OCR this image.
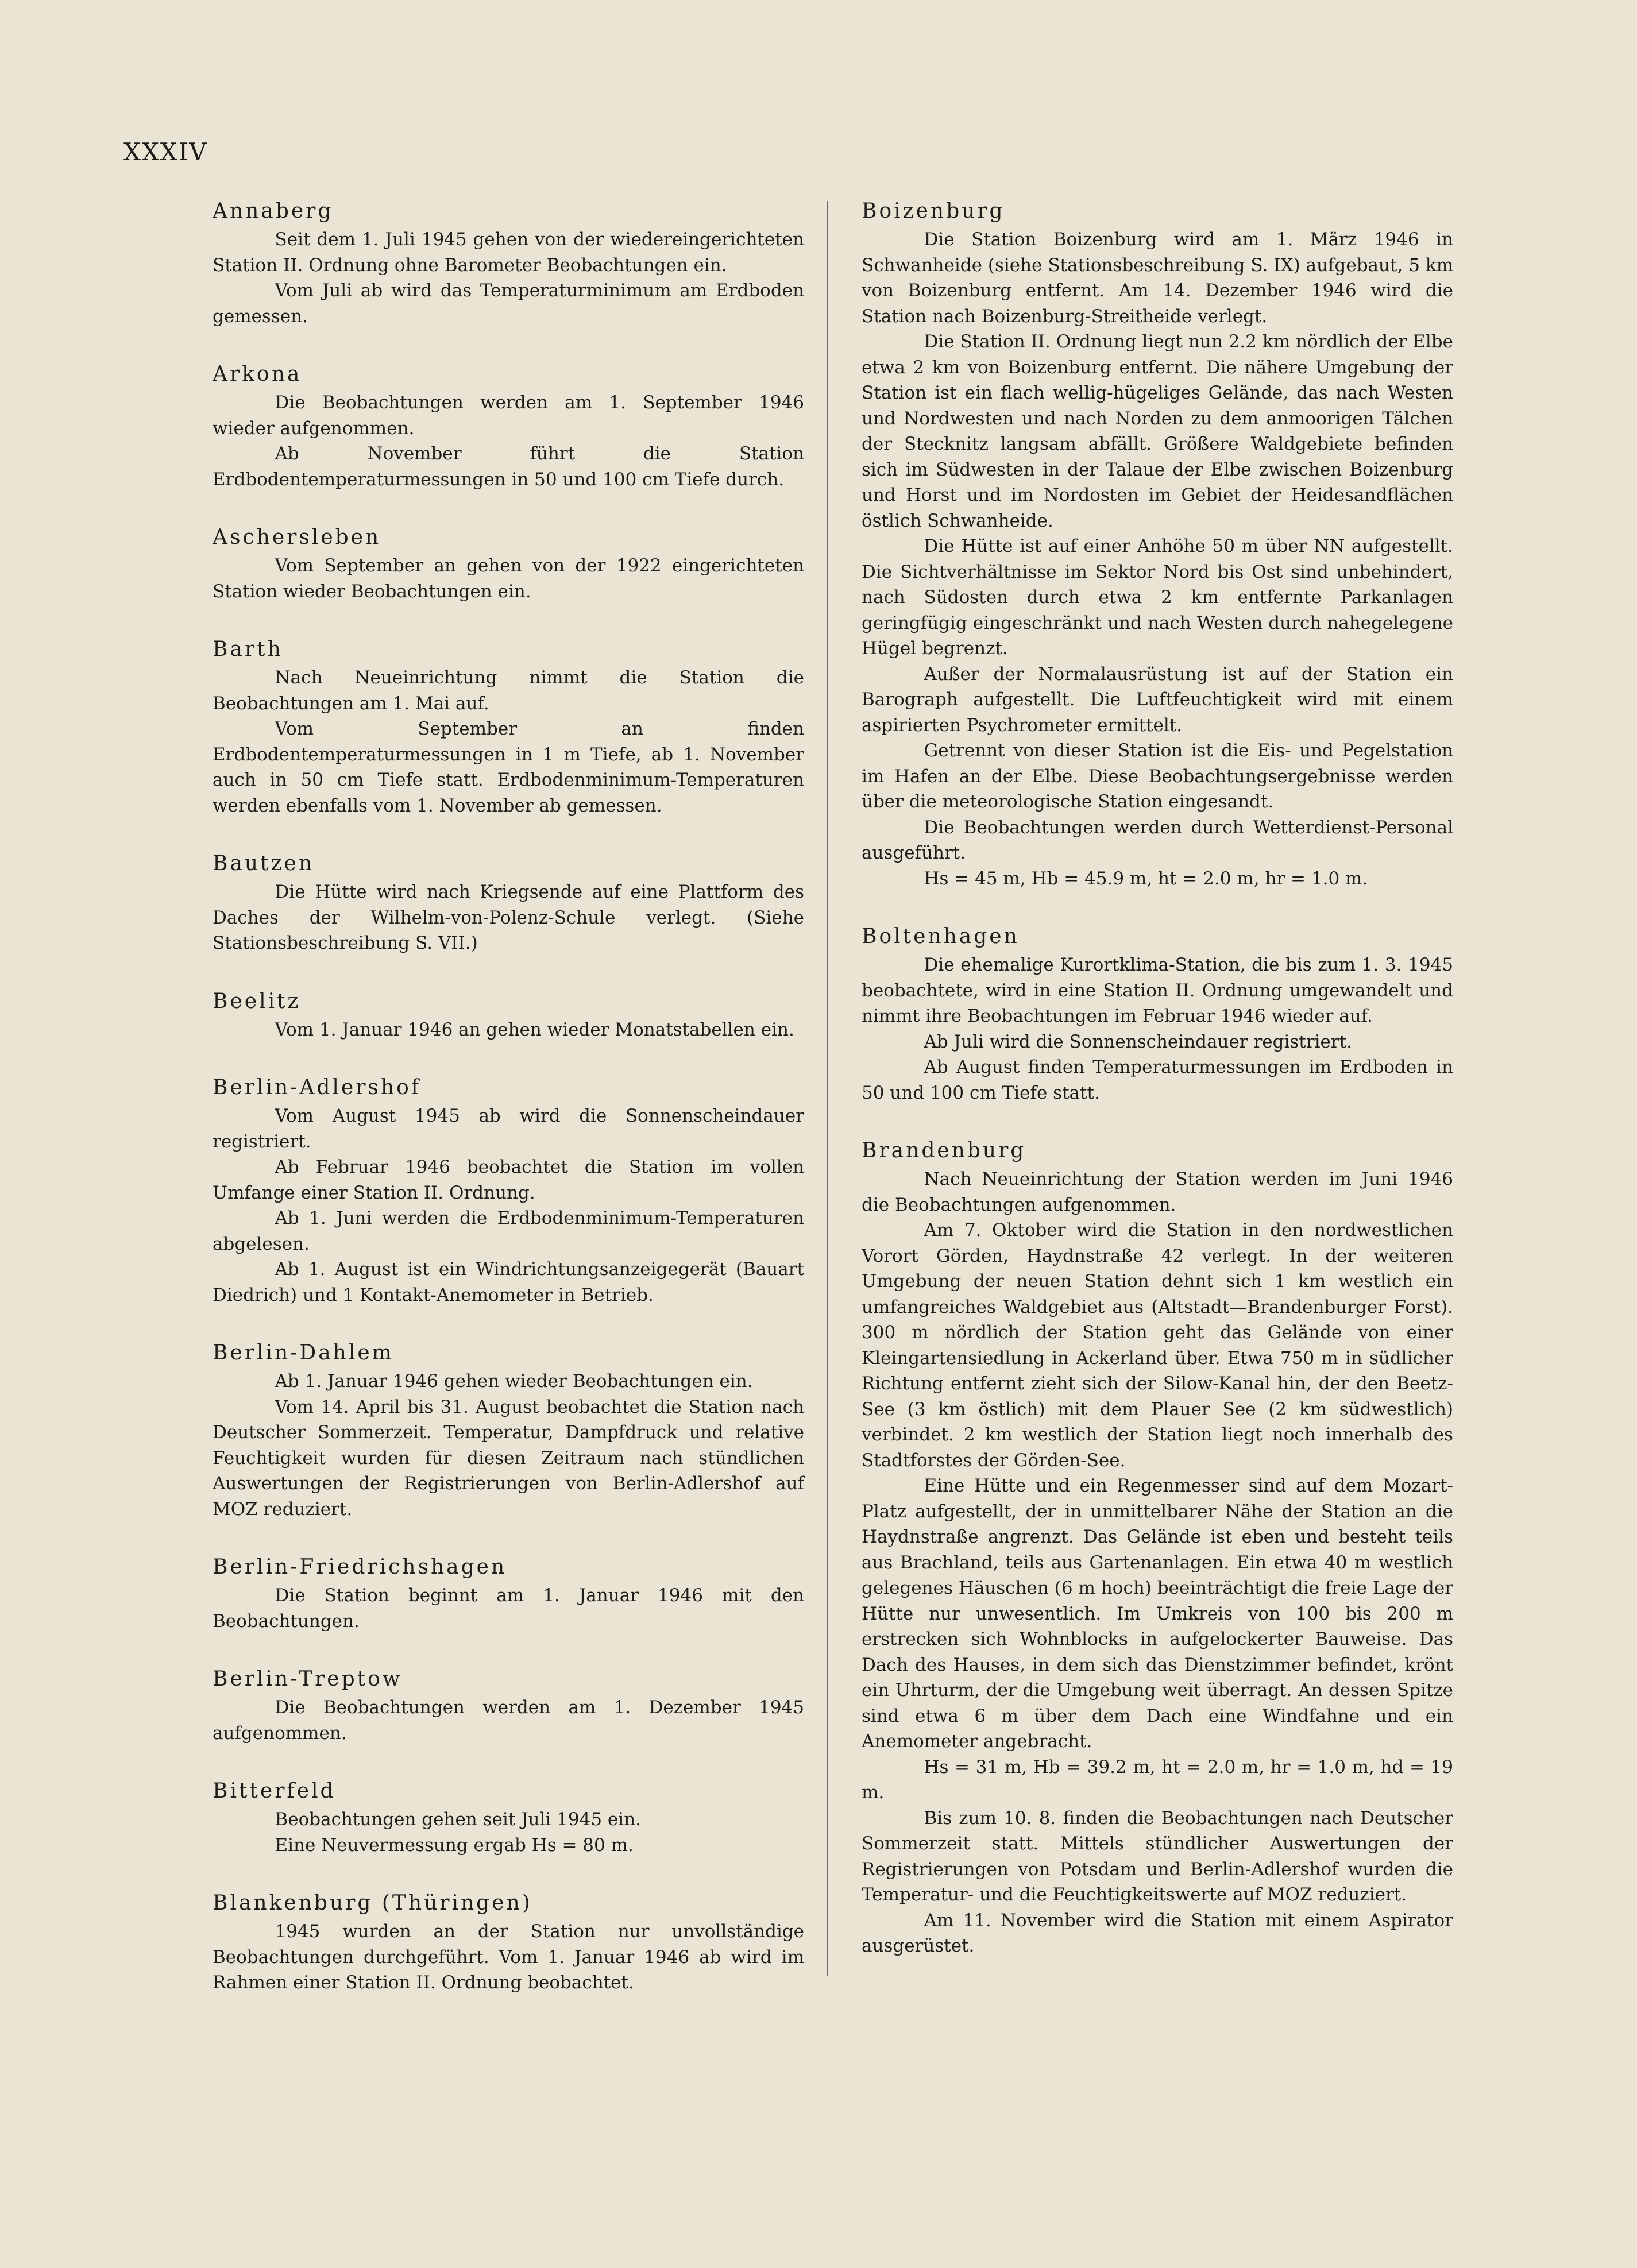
XXXIV
Annaberg

Seit dem 1. Juli 1945 gehen von der wiedereingerichteten Station II. Ordnung ohne Barometer Beobachtungen ein.

Vom Juli ab wird das Temperaturminimum am Erdboden gemessen.

Arkona

Die Beobachtungen werden am 1. September 1946 wieder aufgenommen.

Ab November führt die Station Erdbodentemperaturmessungen in 50 und 100 cm Tiefe durch.

Aschersleben

Vom September an gehen von der 1922 eingerichteten Station wieder Beobachtungen ein.

Barth

Nach Neueinrichtung nimmt die Station die Beobachtungen am 1. Mai auf.

Vom September an finden Erdbodentemperaturmessungen in 1 m Tiefe, ab 1. November auch in 50 cm Tiefe statt. Erdbodenminimum-Temperaturen werden ebenfalls vom 1. November ab gemessen.

Bautzen

Die Hütte wird nach Kriegsende auf eine Plattform des Daches der Wilhelm-von-Polenz-Schule verlegt. (Siehe Stationsbeschreibung S. VII.)

Beelitz

Vom 1. Januar 1946 an gehen wieder Monatstabellen ein.

Berlin-Adlershof

Vom August 1945 ab wird die Sonnenscheindauer registriert.

Ab Februar 1946 beobachtet die Station im vollen Umfange einer Station II. Ordnung.

Ab 1. Juni werden die Erdbodenminimum-Temperaturen abgelesen.

Ab 1. August ist ein Windrichtungsanzeigegerät (Bauart Diedrich) und 1 Kontakt-Anemometer in Betrieb.

Berlin-Dahlem

Ab 1. Januar 1946 gehen wieder Beobachtungen ein.

Vom 14. April bis 31. August beobachtet die Station nach Deutscher Sommerzeit. Temperatur, Dampfdruck und relative Feuchtigkeit wurden für diesen Zeitraum nach stündlichen Auswertungen der Registrierungen von Berlin-Adlershof auf MOZ reduziert.

Berlin-Friedrichshagen

Die Station beginnt am 1. Januar 1946 mit den Beobachtungen.

Berlin-Treptow

Die Beobachtungen werden am 1. Dezember 1945 aufgenommen.

Bitterfeld

Beobachtungen gehen seit Juli 1945 ein.

Eine Neuvermessung ergab Hs = 80 m.

Blankenburg (Thüringen)

1945 wurden an der Station nur unvollständige Beobachtungen durchgeführt. Vom 1. Januar 1946 ab wird im Rahmen einer Station II. Ordnung beobachtet.

Boizenburg

Die Station Boizenburg wird am 1. März 1946 in Schwanheide (siehe Stationsbeschreibung S. IX) aufgebaut, 5 km von Boizenburg entfernt. Am 14. Dezember 1946 wird die Station nach Boizenburg-Streitheide verlegt.

Die Station II. Ordnung liegt nun 2.2 km nördlich der Elbe etwa 2 km von Boizenburg entfernt. Die nähere Umgebung der Station ist ein flach wellig-hügeliges Gelände, das nach Westen und Nordwesten und nach Norden zu dem anmoorigen Tälchen der Stecknitz langsam abfällt. Größere Waldgebiete befinden sich im Südwesten in der Talaue der Elbe zwischen Boizenburg und Horst und im Nordosten im Gebiet der Heidesandflächen östlich Schwanheide.

Die Hütte ist auf einer Anhöhe 50 m über NN aufgestellt. Die Sichtverhältnisse im Sektor Nord bis Ost sind unbehindert, nach Südosten durch etwa 2 km entfernte Parkanlagen geringfügig eingeschränkt und nach Westen durch nahegelegene Hügel begrenzt.

Außer der Normalausrüstung ist auf der Station ein Barograph aufgestellt. Die Luftfeuchtigkeit wird mit einem aspirierten Psychrometer ermittelt.

Getrennt von dieser Station ist die Eis- und Pegelstation im Hafen an der Elbe. Diese Beobachtungsergebnisse werden über die meteorologische Station eingesandt.

Die Beobachtungen werden durch Wetterdienst-Personal ausgeführt.

Hs = 45 m, Hb = 45.9 m, ht = 2.0 m, hr = 1.0 m.

Boltenhagen

Die ehemalige Kurortklima-Station, die bis zum 1. 3. 1945 beobachtete, wird in eine Station II. Ordnung umgewandelt und nimmt ihre Beobachtungen im Februar 1946 wieder auf.

Ab Juli wird die Sonnenscheindauer registriert.

Ab August finden Temperaturmessungen im Erdboden in 50 und 100 cm Tiefe statt.

Brandenburg

Nach Neueinrichtung der Station werden im Juni 1946 die Beobachtungen aufgenommen.

Am 7. Oktober wird die Station in den nordwestlichen Vorort Görden, Haydnstraße 42 verlegt. In der weiteren Umgebung der neuen Station dehnt sich 1 km westlich ein umfangreiches Waldgebiet aus (Altstadt—Brandenburger Forst). 300 m nördlich der Station geht das Gelände von einer Kleingartensiedlung in Ackerland über. Etwa 750 m in südlicher Richtung entfernt zieht sich der Silow-Kanal hin, der den Beetz-See (3 km östlich) mit dem Plauer See (2 km südwestlich) verbindet. 2 km westlich der Station liegt noch innerhalb des Stadtforstes der Görden-See.

Eine Hütte und ein Regenmesser sind auf dem Mozart-Platz aufgestellt, der in unmittelbarer Nähe der Station an die Haydnstraße angrenzt. Das Gelände ist eben und besteht teils aus Brachland, teils aus Gartenanlagen. Ein etwa 40 m westlich gelegenes Häuschen (6 m hoch) beeinträchtigt die freie Lage der Hütte nur unwesentlich. Im Umkreis von 100 bis 200 m erstrecken sich Wohnblocks in aufgelockerter Bauweise. Das Dach des Hauses, in dem sich das Dienstzimmer befindet, krönt ein Uhrturm, der die Umgebung weit überragt. An dessen Spitze sind etwa 6 m über dem Dach eine Windfahne und ein Anemometer angebracht.

Hs = 31 m, Hb = 39.2 m, ht = 2.0 m, hr = 1.0 m, hd = 19 m.

Bis zum 10. 8. finden die Beobachtungen nach Deutscher Sommerzeit statt. Mittels stündlicher Auswertungen der Registrierungen von Potsdam und Berlin-Adlershof wurden die Temperatur- und die Feuchtigkeitswerte auf MOZ reduziert.

Am 11. November wird die Station mit einem Aspirator ausgerüstet.
